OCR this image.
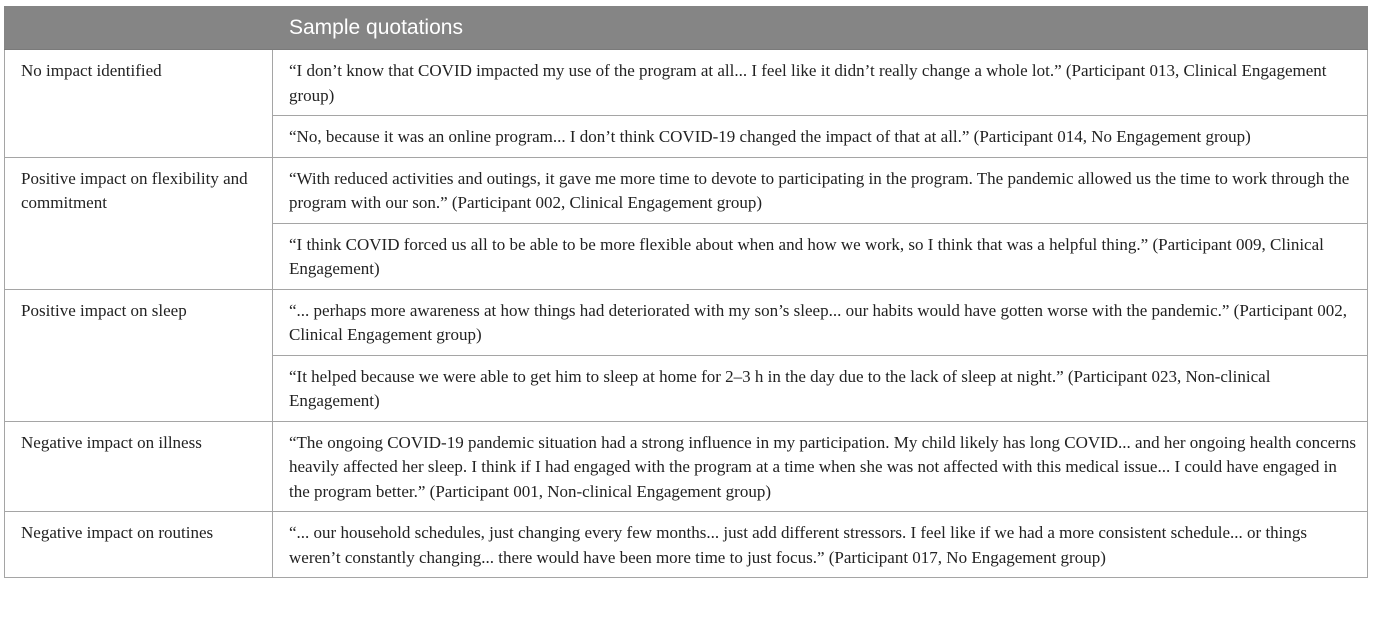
	Sample quotations
No impact identified	“I don’t know that COVID impacted my use of the program at all... I feel like it didn’t really change a whole lot.” (Participant 013, Clinical Engagement group)
	“No, because it was an online program... I don’t think COVID-19 changed the impact of that at all.” (Participant 014, No Engagement group)
Positive impact on flexibility and commitment	“With reduced activities and outings, it gave me more time to devote to participating in the program. The pandemic allowed us the time to work through the program with our son.” (Participant 002, Clinical Engagement group)
	“I think COVID forced us all to be able to be more flexible about when and how we work, so I think that was a helpful thing.” (Participant 009, Clinical Engagement)
Positive impact on sleep	“... perhaps more awareness at how things had deteriorated with my son’s sleep... our habits would have gotten worse with the pandemic.” (Participant 002, Clinical Engagement group)
	“It helped because we were able to get him to sleep at home for 2–3 h in the day due to the lack of sleep at night.” (Participant 023, Non-clinical Engagement)
Negative impact on illness	“The ongoing COVID-19 pandemic situation had a strong influence in my participation. My child likely has long COVID... and her ongoing health concerns heavily affected her sleep. I think if I had engaged with the program at a time when she was not affected with this medical issue... I could have engaged in the program better.” (Participant 001, Non-clinical Engagement group)
Negative impact on routines	“... our household schedules, just changing every few months... just add different stressors. I feel like if we had a more consistent schedule... or things weren’t constantly changing... there would have been more time to just focus.” (Participant 017, No Engagement group)
